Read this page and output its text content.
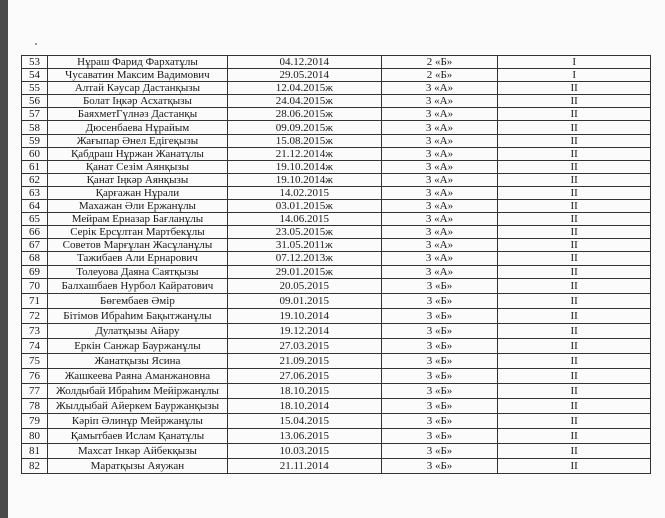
53	Нұраш Фарид Фархатұлы	04.12.2014	2 «Б»	I
54	Чусаватин Максим Вадимович	29.05.2014	2 «Б»	I
55	Алтай Кәусар Дастанқызы	12.04.2015ж	3 «А»	II
56	Болат Іңкәр Асхатқызы	24.04.2015ж	3 «А»	II
57	БаяхметГүлнәз Дастанқы	28.06.2015ж	3 «А»	II
58	Дюсенбаева Нұрайым	09.09.2015ж	3 «А»	II
59	Жағыпар Әнел Едігеқызы	15.08.2015ж	3 «А»	II
60	Қабдраш Нұржан Жанатұлы	21.12.2014ж	3 «А»	II
61	Қанат Сезім Аянқызы	19.10.2014ж	3 «А»	II
62	Қанат Іңкәр Аянқызы	19.10.2014ж	3 «А»	II
63	Қарғажан Нұрали	14.02.2015	3 «А»	II
64	Махажан Әли Ержанұлы	03.01.2015ж	3 «А»	II
65	Мейрам Ерназар Бағланұлы	14.06.2015	3 «А»	II
66	Серік Ерсұлтан Мартбекұлы	23.05.2015ж	3 «А»	II
67	Советов Марғұлан Жасұланұлы	31.05.2011ж	3 «А»	II
68	Тажибаев Али Ернарович	07.12.2013ж	3 «А»	II
69	Толеуова Даяна Саятқызы	29.01.2015ж	3 «А»	II
70	Балхашбаев Нурбол Кайратович	20.05.2015	3 «Б»	II
71	Бөгембаев Әмір	09.01.2015	3 «Б»	II
72	Бітімов Ибраһим Бақытжанұлы	19.10.2014	3 «Б»	II
73	Дулатқызы Айару	19.12.2014	3 «Б»	II
74	Еркін Санжар Бауржанұлы	27.03.2015	3 «Б»	II
75	Жанатқызы Ясина	21.09.2015	3 «Б»	II
76	Жашкеева Раяна Аманжановна	27.06.2015	3 «Б»	II
77	Жолдыбай Ибраһим Мейіржанұлы	18.10.2015	3 «Б»	II
78	Жылдыбай Айеркем Бауржанқызы	18.10.2014	3 «Б»	II
79	Кәріп Әлинұр Мейржанұлы	15.04.2015	3 «Б»	II
80	Қамытбаев Ислам Қанатұлы	13.06.2015	3 «Б»	II
81	Махсат Інкәр Айбекқызы	10.03.2015	3 «Б»	II
82	Мaратқызы Аяужан	21.11.2014	3 «Б»	II
